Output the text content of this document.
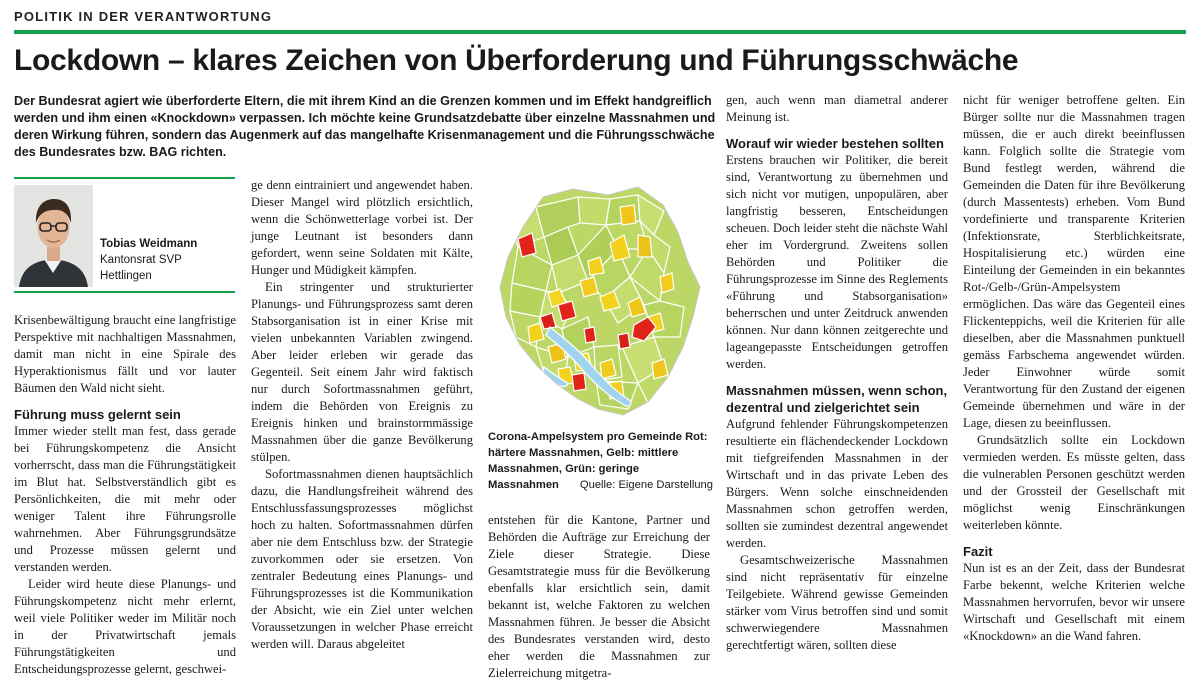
POLITIK IN DER VERANTWORTUNG
Lockdown – klares Zeichen von Überforderung und Führungsschwäche
Der Bundesrat agiert wie überforderte Eltern, die mit ihrem Kind an die Grenzen kommen und im Effekt handgreiflich werden und ihm einen «Knockdown» verpassen. Ich möchte keine Grundsatzdebatte über einzelne Massnahmen und deren Wirkung führen, sondern das Augenmerk auf das mangelhafte Krisenmanagement und die Führungsschwäche des Bundesrates bzw. BAG richten.
Tobias Weidmann
Kantonsrat SVP
Hettlingen

Krisenbewältigung braucht eine langfristige Perspektive mit nachhaltigen Massnahmen, damit man nicht in eine Spirale des Hyperaktionismus fällt und vor lauter Bäumen den Wald nicht sieht.

Führung muss gelernt sein

Immer wieder stellt man fest, dass gerade bei Führungskompetenz die Ansicht vorherrscht, dass man die Führungstätigkeit im Blut hat. Selbstverständlich gibt es Persönlichkeiten, die mit mehr oder weniger Talent ihre Führungsrolle wahrnehmen. Aber Führungsgrundsätze und Prozesse müssen gelernt und verstanden werden.

Leider wird heute diese Planungs- und Führungskompetenz nicht mehr erlernt, weil viele Politiker weder im Militär noch in der Privatwirtschaft jemals Führungstätigkeiten und Entscheidungsprozesse gelernt, geschwei-

ge denn eintrainiert und angewendet haben. Dieser Mangel wird plötzlich ersichtlich, wenn die Schönwetterlage vorbei ist. Der junge Leutnant ist besonders dann gefordert, wenn seine Soldaten mit Kälte, Hunger und Müdigkeit kämpfen.

Ein stringenter und strukturierter Planungs- und Führungsprozess samt deren Stabsorganisation ist in einer Krise mit vielen unbekannten Variablen zwingend. Aber leider erleben wir gerade das Gegenteil. Seit einem Jahr wird faktisch nur durch Sofortmassnahmen geführt, indem die Behörden von Ereignis zu Ereignis hinken und brainstormmässige Massnahmen über die ganze Bevölkerung stülpen.

Sofortmassnahmen dienen hauptsächlich dazu, die Handlungsfreiheit während des Entschlussfassungsprozesses möglichst hoch zu halten. Sofortmassnahmen dürfen aber nie dem Entschluss bzw. der Strategie zuvorkommen oder sie ersetzen. Von zentraler Bedeutung eines Planungs- und Führungsprozesses ist die Kommunikation der Absicht, wie ein Ziel unter welchen Voraussetzungen in welcher Phase erreicht werden will. Daraus abgeleitet

Corona-Ampelsystem pro Gemeinde Rot: härtere Massnahmen, Gelb: mittlere Massnahmen, Grün: geringe Massnahmen Quelle: Eigene Darstellung

entstehen für die Kantone, Partner und Behörden die Aufträge zur Erreichung der Ziele dieser Strategie. Diese Gesamtstrategie muss für die Bevölkerung ebenfalls klar ersichtlich sein, damit bekannt ist, welche Faktoren zu welchen Massnahmen führen. Je besser die Absicht des Bundesrates verstanden wird, desto eher werden die Massnahmen zur Zielerreichung mitgetra-

gen, auch wenn man diametral anderer Meinung ist.

Worauf wir wieder bestehen sollten

Erstens brauchen wir Politiker, die bereit sind, Verantwortung zu übernehmen und sich nicht vor mutigen, unpopulären, aber langfristig besseren, Entscheidungen scheuen. Doch leider steht die nächste Wahl eher im Vordergrund. Zweitens sollen Behörden und Politiker die Führungsprozesse im Sinne des Reglements «Führung und Stabsorganisation» beherrschen und unter Zeitdruck anwenden können. Nur dann können zeitgerechte und lageangepasste Entscheidungen getroffen werden.

Massnahmen müssen, wenn schon, dezentral und zielgerichtet sein

Aufgrund fehlender Führungskompetenzen resultierte ein flächendeckender Lockdown mit tiefgreifenden Massnahmen in der Wirtschaft und in das private Leben des Bürgers. Wenn solche einschneidenden Massnahmen schon getroffen werden, sollten sie zumindest dezentral angewendet werden.

Gesamtschweizerische Massnahmen sind nicht repräsentativ für einzelne Teilgebiete. Während gewisse Gemeinden stärker vom Virus betroffen sind und somit schwerwiegendere Massnahmen gerechtfertigt wären, sollten diese

nicht für weniger betroffene gelten. Ein Bürger sollte nur die Massnahmen tragen müssen, die er auch direkt beeinflussen kann. Folglich sollte die Strategie vom Bund festlegt werden, während die Gemeinden die Daten für ihre Bevölkerung (durch Massentests) erheben. Vom Bund vordefinierte und transparente Kriterien (Infektionsrate, Sterblichkeitsrate, Hospitalisierung etc.) würden eine Einteilung der Gemeinden in ein bekanntes Rot-/Gelb-/Grün-Ampelsystem ermöglichen. Das wäre das Gegenteil eines Flickenteppichs, weil die Kriterien für alle dieselben, aber die Massnahmen punktuell gemäss Farbschema angewendet würden. Jeder Einwohner würde somit Verantwortung für den Zustand der eigenen Gemeinde übernehmen und wäre in der Lage, diesen zu beeinflussen.

Grundsätzlich sollte ein Lockdown vermieden werden. Es müsste gelten, dass die vulnerablen Personen geschützt werden und der Grossteil der Gesellschaft mit möglichst wenig Einschränkungen weiterleben könnte.

Fazit

Nun ist es an der Zeit, dass der Bundesrat Farbe bekennt, welche Kriterien welche Massnahmen hervorrufen, bevor wir unsere Wirtschaft und Gesellschaft mit einem «Knockdown» an die Wand fahren.
